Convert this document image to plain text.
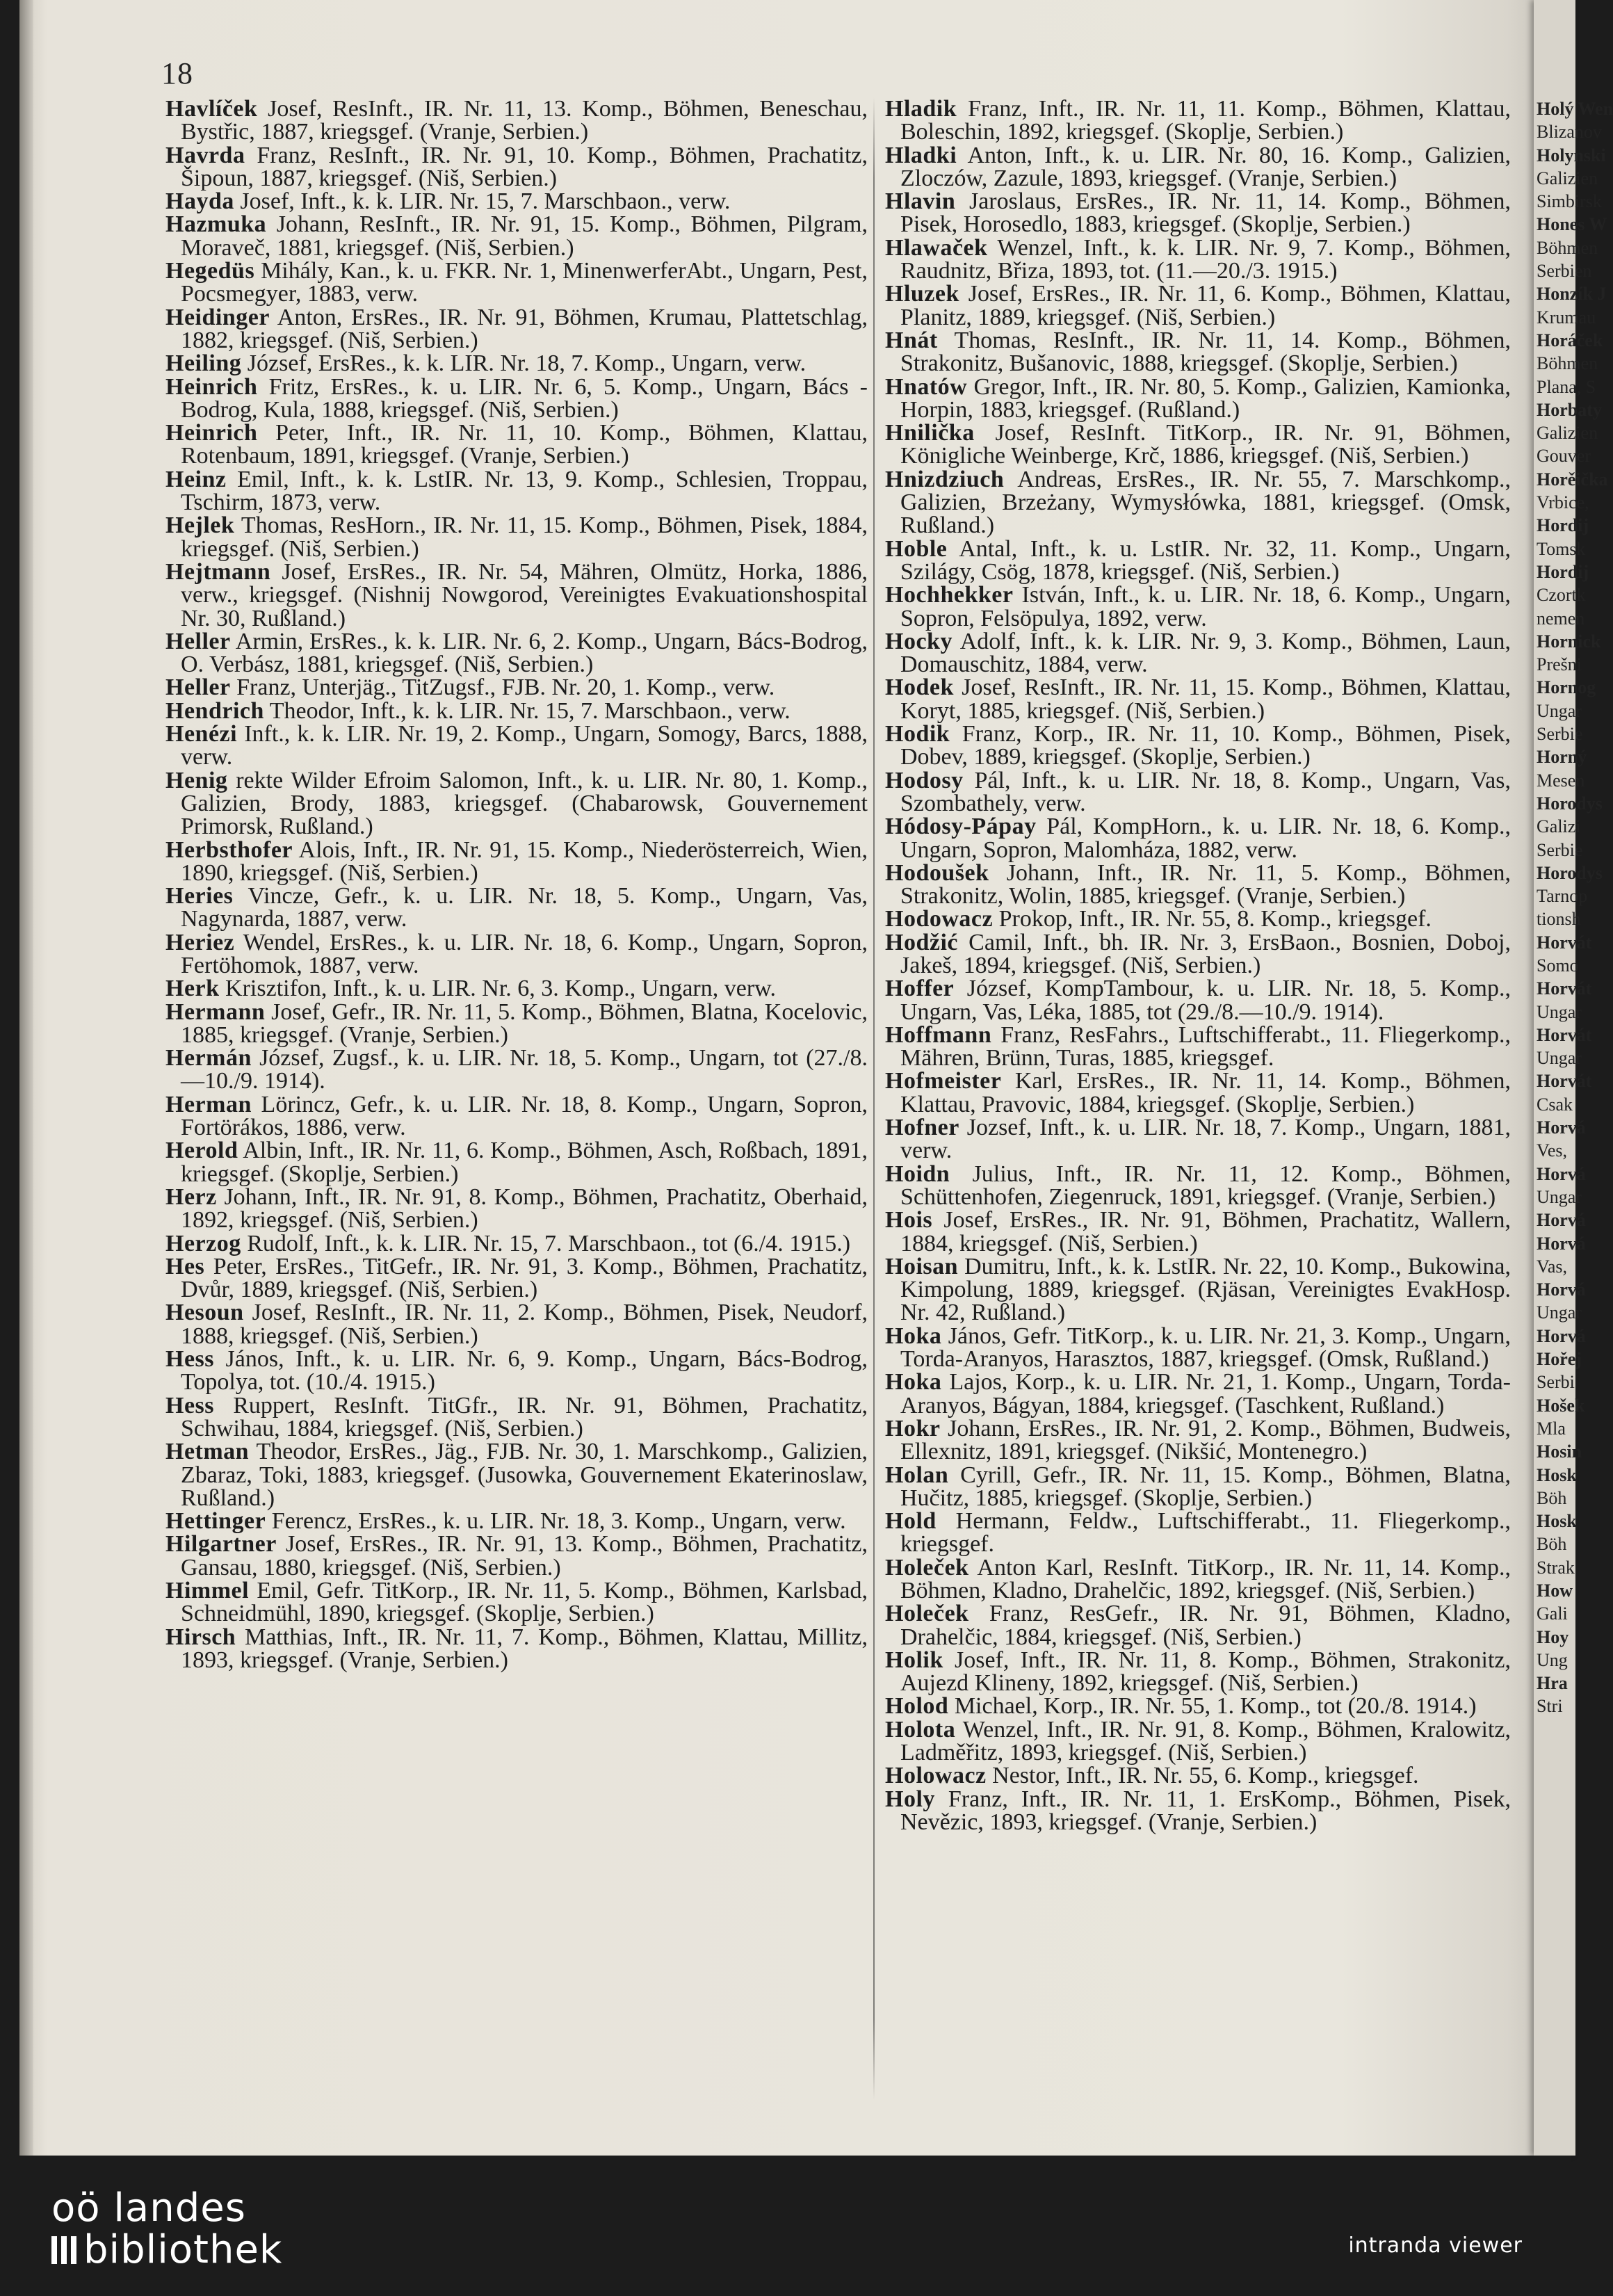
18

Havlíček Josef, ResInft., IR. Nr. 11, 13. Komp., Böhmen, Beneschau, Bystřic, 1887, kriegsgef. (Vranje, Serbien.)

Havrda Franz, ResInft., IR. Nr. 91, 10. Komp., Böhmen, Prachatitz, Šipoun, 1887, kriegsgef. (Niš, Serbien.)

Hayda Josef, Inft., k. k. LIR. Nr. 15, 7. Marschbaon., verw.

Hazmuka Johann, ResInft., IR. Nr. 91, 15. Komp., Böhmen, Pilgram, Moraveč, 1881, kriegsgef. (Niš, Serbien.)

Hegedüs Mihály, Kan., k. u. FKR. Nr. 1, MinenwerferAbt., Ungarn, Pest, Pocsmegyer, 1883, verw.

Heidinger Anton, ErsRes., IR. Nr. 91, Böhmen, Krumau, Plattetschlag, 1882, kriegsgef. (Niš, Serbien.)

Heiling József, ErsRes., k. k. LIR. Nr. 18, 7. Komp., Ungarn, verw.

Heinrich Fritz, ErsRes., k. u. LIR. Nr. 6, 5. Komp., Ungarn, Bács - Bodrog, Kula, 1888, kriegsgef. (Niš, Serbien.)

Heinrich Peter, Inft., IR. Nr. 11, 10. Komp., Böhmen, Klattau, Rotenbaum, 1891, kriegsgef. (Vranje, Serbien.)

Heinz Emil, Inft., k. k. LstIR. Nr. 13, 9. Komp., Schlesien, Troppau, Tschirm, 1873, verw.

Hejlek Thomas, ResHorn., IR. Nr. 11, 15. Komp., Böhmen, Pisek, 1884, kriegsgef. (Niš, Serbien.)

Hejtmann Josef, ErsRes., IR. Nr. 54, Mähren, Olmütz, Horka, 1886, verw., kriegsgef. (Nishnij Nowgorod, Vereinigtes Evakuationshospital Nr. 30, Rußland.)

Heller Armin, ErsRes., k. k. LIR. Nr. 6, 2. Komp., Ungarn, Bács-Bodrog, O. Verbász, 1881, kriegsgef. (Niš, Serbien.)

Heller Franz, Unterjäg., TitZugsf., FJB. Nr. 20, 1. Komp., verw.

Hendrich Theodor, Inft., k. k. LIR. Nr. 15, 7. Marschbaon., verw.

Henézi Inft., k. k. LIR. Nr. 19, 2. Komp., Ungarn, Somogy, Barcs, 1888, verw.

Henig rekte Wilder Efroim Salomon, Inft., k. u. LIR. Nr. 80, 1. Komp., Galizien, Brody, 1883, kriegsgef. (Chabarowsk, Gouvernement Primorsk, Rußland.)

Herbsthofer Alois, Inft., IR. Nr. 91, 15. Komp., Niederösterreich, Wien, 1890, kriegsgef. (Niš, Serbien.)

Heries Vincze, Gefr., k. u. LIR. Nr. 18, 5. Komp., Ungarn, Vas, Nagynarda, 1887, verw.

Heriez Wendel, ErsRes., k. u. LIR. Nr. 18, 6. Komp., Ungarn, Sopron, Fertöhomok, 1887, verw.

Herk Krisztifon, Inft., k. u. LIR. Nr. 6, 3. Komp., Ungarn, verw.

Hermann Josef, Gefr., IR. Nr. 11, 5. Komp., Böhmen, Blatna, Kocelovic, 1885, kriegsgef. (Vranje, Serbien.)

Hermán József, Zugsf., k. u. LIR. Nr. 18, 5. Komp., Ungarn, tot (27./8.—10./9. 1914).

Herman Lörincz, Gefr., k. u. LIR. Nr. 18, 8. Komp., Ungarn, Sopron, Fortörákos, 1886, verw.

Herold Albin, Inft., IR. Nr. 11, 6. Komp., Böhmen, Asch, Roßbach, 1891, kriegsgef. (Skoplje, Serbien.)

Herz Johann, Inft., IR. Nr. 91, 8. Komp., Böhmen, Prachatitz, Oberhaid, 1892, kriegsgef. (Niš, Serbien.)

Herzog Rudolf, Inft., k. k. LIR. Nr. 15, 7. Marschbaon., tot (6./4. 1915.)

Hes Peter, ErsRes., TitGefr., IR. Nr. 91, 3. Komp., Böhmen, Prachatitz, Dvůr, 1889, kriegsgef. (Niš, Serbien.)

Hesoun Josef, ResInft., IR. Nr. 11, 2. Komp., Böhmen, Pisek, Neudorf, 1888, kriegsgef. (Niš, Serbien.)

Hess János, Inft., k. u. LIR. Nr. 6, 9. Komp., Ungarn, Bács-Bodrog, Topolya, tot. (10./4. 1915.)

Hess Ruppert, ResInft. TitGfr., IR. Nr. 91, Böhmen, Prachatitz, Schwihau, 1884, kriegsgef. (Niš, Serbien.)

Hetman Theodor, ErsRes., Jäg., FJB. Nr. 30, 1. Marschkomp., Galizien, Zbaraz, Toki, 1883, kriegsgef. (Jusowka, Gouvernement Ekaterinoslaw, Rußland.)

Hettinger Ferencz, ErsRes., k. u. LIR. Nr. 18, 3. Komp., Ungarn, verw.

Hilgartner Josef, ErsRes., IR. Nr. 91, 13. Komp., Böhmen, Prachatitz, Gansau, 1880, kriegsgef. (Niš, Serbien.)

Himmel Emil, Gefr. TitKorp., IR. Nr. 11, 5. Komp., Böhmen, Karlsbad, Schneidmühl, 1890, kriegsgef. (Skoplje, Serbien.)

Hirsch Matthias, Inft., IR. Nr. 11, 7. Komp., Böhmen, Klattau, Millitz, 1893, kriegsgef. (Vranje, Serbien.)

Hladik Franz, Inft., IR. Nr. 11, 11. Komp., Böhmen, Klattau, Boleschin, 1892, kriegsgef. (Skoplje, Serbien.)

Hladki Anton, Inft., k. u. LIR. Nr. 80, 16. Komp., Galizien, Zloczów, Zazule, 1893, kriegsgef. (Vranje, Serbien.)

Hlavin Jaroslaus, ErsRes., IR. Nr. 11, 14. Komp., Böhmen, Pisek, Horosedlo, 1883, kriegsgef. (Skoplje, Serbien.)

Hlawaček Wenzel, Inft., k. k. LIR. Nr. 9, 7. Komp., Böhmen, Raudnitz, Břiza, 1893, tot. (11.—20./3. 1915.)

Hluzek Josef, ErsRes., IR. Nr. 11, 6. Komp., Böhmen, Klattau, Planitz, 1889, kriegsgef. (Niš, Serbien.)

Hnát Thomas, ResInft., IR. Nr. 11, 14. Komp., Böhmen, Strakonitz, Bušanovic, 1888, kriegsgef. (Skoplje, Serbien.)

Hnatów Gregor, Inft., IR. Nr. 80, 5. Komp., Galizien, Kamionka, Horpin, 1883, kriegsgef. (Rußland.)

Hnilička Josef, ResInft. TitKorp., IR. Nr. 91, Böhmen, Königliche Weinberge, Krč, 1886, kriegsgef. (Niš, Serbien.)

Hnizdziuch Andreas, ErsRes., IR. Nr. 55, 7. Marschkomp., Galizien, Brzeżany, Wymysłówka, 1881, kriegsgef. (Omsk, Rußland.)

Hoble Antal, Inft., k. u. LstIR. Nr. 32, 11. Komp., Ungarn, Szilágy, Csög, 1878, kriegsgef. (Niš, Serbien.)

Hochhekker István, Inft., k. u. LIR. Nr. 18, 6. Komp., Ungarn, Sopron, Felsöpulya, 1892, verw.

Hocky Adolf, Inft., k. k. LIR. Nr. 9, 3. Komp., Böhmen, Laun, Domauschitz, 1884, verw.

Hodek Josef, ResInft., IR. Nr. 11, 15. Komp., Böhmen, Klattau, Koryt, 1885, kriegsgef. (Niš, Serbien.)

Hodik Franz, Korp., IR. Nr. 11, 10. Komp., Böhmen, Pisek, Dobev, 1889, kriegsgef. (Skoplje, Serbien.)

Hodosy Pál, Inft., k. u. LIR. Nr. 18, 8. Komp., Ungarn, Vas, Szombathely, verw.

Hódosy-Pápay Pál, KompHorn., k. u. LIR. Nr. 18, 6. Komp., Ungarn, Sopron, Malomháza, 1882, verw.

Hodoušek Johann, Inft., IR. Nr. 11, 5. Komp., Böhmen, Strakonitz, Wolin, 1885, kriegsgef. (Vranje, Serbien.)

Hodowacz Prokop, Inft., IR. Nr. 55, 8. Komp., kriegsgef.

Hodžić Camil, Inft., bh. IR. Nr. 3, ErsBaon., Bosnien, Doboj, Jakeš, 1894, kriegsgef. (Niš, Serbien.)

Hoffer József, KompTambour, k. u. LIR. Nr. 18, 5. Komp., Ungarn, Vas, Léka, 1885, tot (29./8.—10./9. 1914).

Hoffmann Franz, ResFahrs., Luftschifferabt., 11. Fliegerkomp., Mähren, Brünn, Turas, 1885, kriegsgef.

Hofmeister Karl, ErsRes., IR. Nr. 11, 14. Komp., Böhmen, Klattau, Pravovic, 1884, kriegsgef. (Skoplje, Serbien.)

Hofner Jozsef, Inft., k. u. LIR. Nr. 18, 7. Komp., Ungarn, 1881, verw.

Hoidn Julius, Inft., IR. Nr. 11, 12. Komp., Böhmen, Schüttenhofen, Ziegenruck, 1891, kriegsgef. (Vranje, Serbien.)

Hois Josef, ErsRes., IR. Nr. 91, Böhmen, Prachatitz, Wallern, 1884, kriegsgef. (Niš, Serbien.)

Hoisan Dumitru, Inft., k. k. LstIR. Nr. 22, 10. Komp., Bukowina, Kimpolung, 1889, kriegsgef. (Rjäsan, Vereinigtes EvakHosp. Nr. 42, Rußland.)

Hoka János, Gefr. TitKorp., k. u. LIR. Nr. 21, 3. Komp., Ungarn, Torda-Aranyos, Harasztos, 1887, kriegsgef. (Omsk, Rußland.)

Hoka Lajos, Korp., k. u. LIR. Nr. 21, 1. Komp., Ungarn, Torda-Aranyos, Bágyan, 1884, kriegsgef. (Taschkent, Rußland.)

Hokr Johann, ErsRes., IR. Nr. 91, 2. Komp., Böhmen, Budweis, Ellexnitz, 1891, kriegsgef. (Nikšić, Montenegro.)

Holan Cyrill, Gefr., IR. Nr. 11, 15. Komp., Böhmen, Blatna, Hučitz, 1885, kriegsgef. (Skoplje, Serbien.)

Hold Hermann, Feldw., Luftschifferabt., 11. Fliegerkomp., kriegsgef.

Holeček Anton Karl, ResInft. TitKorp., IR. Nr. 11, 14. Komp., Böhmen, Kladno, Drahelčic, 1892, kriegsgef. (Niš, Serbien.)

Holeček Franz, ResGefr., IR. Nr. 91, Böhmen, Kladno, Drahelčic, 1884, kriegsgef. (Niš, Serbien.)

Holik Josef, Inft., IR. Nr. 11, 8. Komp., Böhmen, Strakonitz, Aujezd Klineny, 1892, kriegsgef. (Niš, Serbien.)

Holod Michael, Korp., IR. Nr. 55, 1. Komp., tot (20./8. 1914.)

Holota Wenzel, Inft., IR. Nr. 91, 8. Komp., Böhmen, Kralowitz, Ladměřitz, 1893, kriegsgef. (Niš, Serbien.)

Holowacz Nestor, Inft., IR. Nr. 55, 6. Komp., kriegsgef.

Holy Franz, Inft., IR. Nr. 11, 1. ErsKomp., Böhmen, Pisek, Nevězic, 1893, kriegsgef. (Vranje, Serbien.)

Holý Wen
Blizanov
Holynski
Galizien
Simbirsk
Hones W
Böhmen
Serbien
Honzík J
Krumau
Horáček
Böhmen
Plana, S
Horbaty
Galizien
Gouver
Horěička
Vrbice,
Hordij
Tomsk
Hordij
Czortk
nemen
Hornick
Prešni
Hornog
Ungar
Serbie
Horný
Mesen
Horodys
Galizi
Serbie
Horodys
Tarnop
tionsh
Horvát
Somo
Horvát
Ungar
Horvát
Ungar
Horvát
Csak
Horvá
Ves,
Horvá
Ungar
Horvá
Horvá
Vas,
Horvá
Ungar
Horvá
Hořej
Serbi
Hošek
Mla
Hosin
Hosk
Böh
Hosk
Böh
Strak
How
Gali
Hoy
Ung
Hra
Stri
oö landes
bibliothek	intranda viewer
